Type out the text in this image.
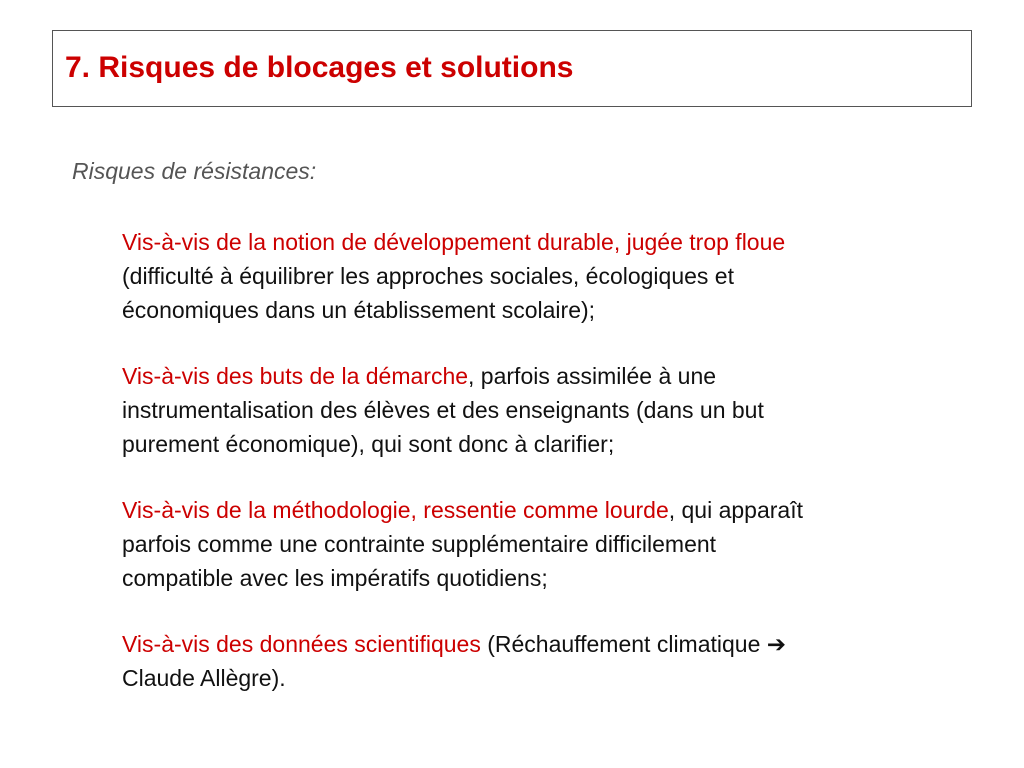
7. Risques de blocages et solutions

Risques de résistances:

Vis-à-vis de la notion de développement durable, jugée trop floue
(difficulté à équilibrer les approches sociales, écologiques et
économiques dans un établissement scolaire);
Vis-à-vis des buts de la démarche, parfois assimilée à une
instrumentalisation des élèves et des enseignants (dans un but
purement économique), qui sont donc à clarifier;
Vis-à-vis de la méthodologie, ressentie comme lourde, qui apparaît
parfois comme une contrainte supplémentaire difficilement
compatible avec les impératifs quotidiens;
Vis-à-vis des données scientifiques (Réchauffement climatique ➔
Claude Allègre).
